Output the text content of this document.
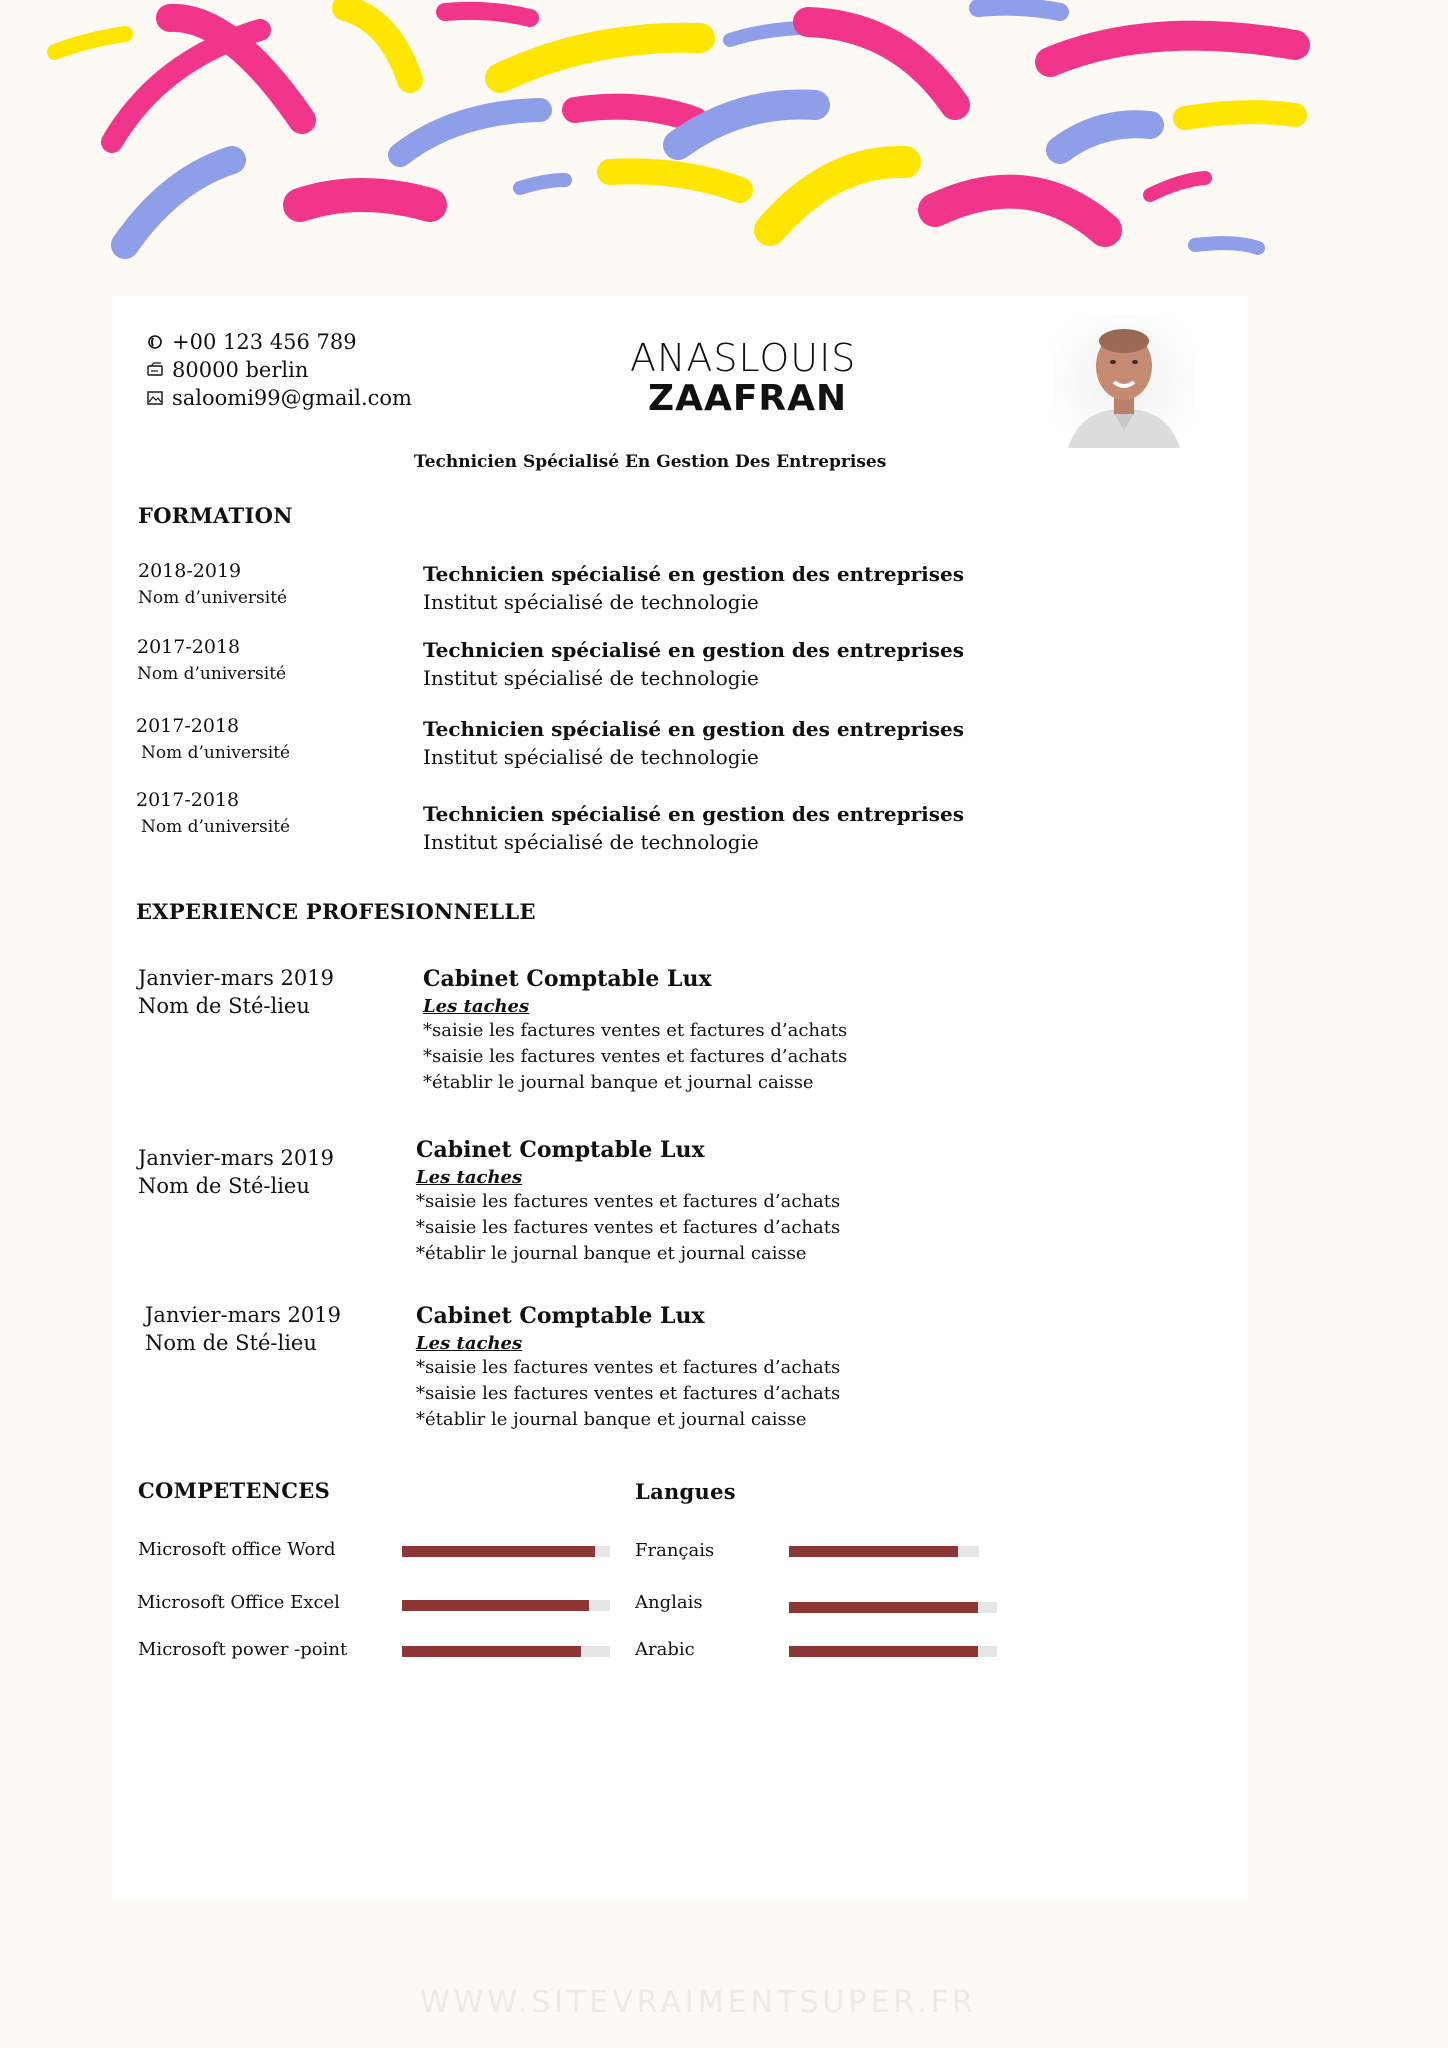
+00 123 456 789
80000 berlin
saloomi99@gmail.com
ANASLOUIS
ZAAFRAN
Technicien Spécialisé En Gestion Des Entreprises
FORMATION
2018-2019
Nom d’université
Technicien spécialisé en gestion des entreprises
Institut spécialisé de technologie
2017-2018
Nom d’université
Technicien spécialisé en gestion des entreprises
Institut spécialisé de technologie
2017-2018
Nom d’université
Technicien spécialisé en gestion des entreprises
Institut spécialisé de technologie
2017-2018
Nom d’université
Technicien spécialisé en gestion des entreprises
Institut spécialisé de technologie
EXPERIENCE PROFESIONNELLE
Janvier-mars 2019
Nom de Sté-lieu
Cabinet Comptable Lux
Les taches
*saisie les factures ventes et factures d’achats
*saisie les factures ventes et factures d’achats
*établir le journal banque et journal caisse
Janvier-mars 2019
Nom de Sté-lieu
Cabinet Comptable Lux
Les taches
*saisie les factures ventes et factures d’achats
*saisie les factures ventes et factures d’achats
*établir le journal banque et journal caisse
Janvier-mars 2019
Nom de Sté-lieu
Cabinet Comptable Lux
Les taches
*saisie les factures ventes et factures d’achats
*saisie les factures ventes et factures d’achats
*établir le journal banque et journal caisse
COMPETENCES
Microsoft office Word
Microsoft Office Excel
Microsoft power -point
Langues
Français
Anglais
Arabic
WWW.SITEVRAIMENTSUPER.FR
